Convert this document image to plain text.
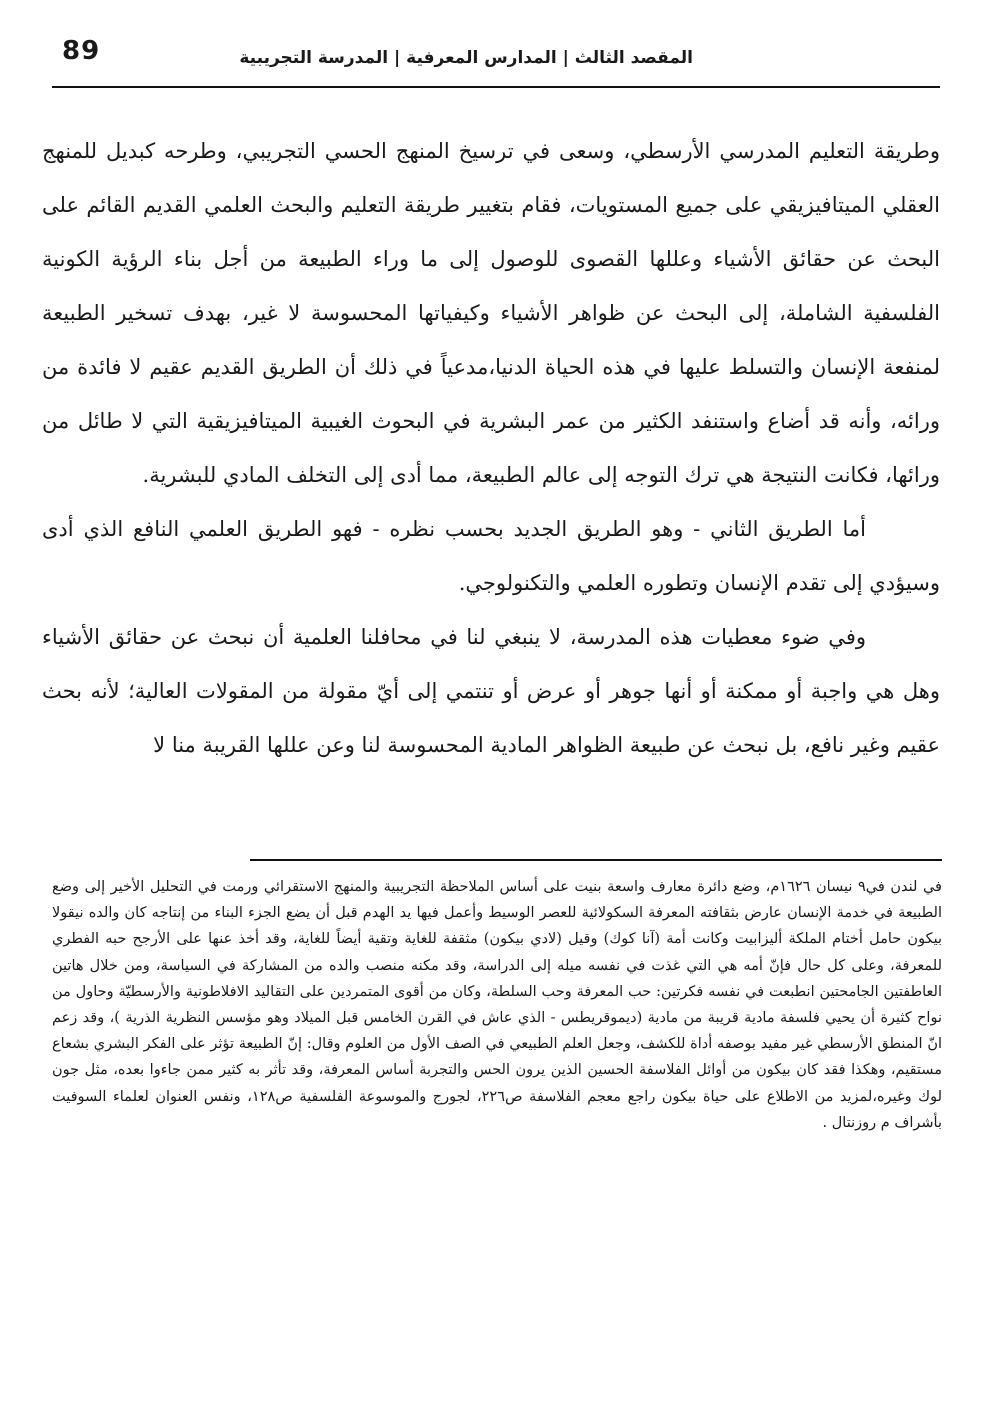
89	المقصد الثالث | المدارس المعرفية | المدرسة التجريبية

وطريقة التعليم المدرسي الأرسطي، وسعى في ترسيخ المنهج الحسي التجريبي، وطرحه كبديل للمنهج العقلي الميتافيزيقي على جميع المستويات، فقام بتغيير طريقة التعليم والبحث العلمي القديم القائم على البحث عن حقائق الأشياء وعللها القصوى للوصول إلى ما وراء الطبيعة من أجل بناء الرؤية الكونية الفلسفية الشاملة، إلى البحث عن ظواهر الأشياء وكيفياتها المحسوسة لا غير، بهدف تسخير الطبيعة لمنفعة الإنسان والتسلط عليها في هذه الحياة الدنيا،مدعياً في ذلك أن الطريق القديم عقيم لا فائدة من ورائه، وأنه قد أضاع واستنفد الكثير من عمر البشرية في البحوث الغيبية الميتافيزيقية التي لا طائل من ورائها، فكانت النتيجة هي ترك التوجه إلى عالم الطبيعة، مما أدى إلى التخلف المادي للبشرية.

أما الطريق الثاني - وهو الطريق الجديد بحسب نظره - فهو الطريق العلمي النافع الذي أدى وسيؤدي إلى تقدم الإنسان وتطوره العلمي والتكنولوجي.

وفي ضوء معطيات هذه المدرسة، لا ينبغي لنا في محافلنا العلمية أن نبحث عن حقائق الأشياء وهل هي واجبة أو ممكنة أو أنها جوهر أو عرض أو تنتمي إلى أيّ مقولة من المقولات العالية؛ لأنه بحث عقيم وغير نافع، بل نبحث عن طبيعة الظواهر المادية المحسوسة لنا وعن عللها القريبة منا لا

في لندن في٩ نيسان ١٦٢٦م، وضع دائرة معارف واسعة بنيت على أساس الملاحظة التجريبية والمنهج الاستقرائي ورمت في التحليل الأخير إلى وضع الطبيعة في خدمة الإنسان عارض بثقافته المعرفة السكولائية للعصر الوسيط وأعمل فيها يد الهدم قبل أن يضع الجزء البناء من إنتاجه كان والده نيقولا بيكون حامل أختام الملكة أليزابيت وكانت أمة (آنا كوك) وقيل (لادي بيكون) مثقفة للغاية وتقية أيضاً للغاية، وقد أخذ عنها على الأرجح حبه الفطري للمعرفة، وعلى كل حال فإنّ أمه هي التي غذت في نفسه ميله إلى الدراسة، وقد مكنه منصب والده من المشاركة في السياسة، ومن خلال هاتين العاطفتين الجامحتين انطبعت في نفسه فكرتين: حب المعرفة وحب السلطة، وكان من أقوى المتمردين على التقاليد الافلاطونية والأرسطيّة وحاول من نواح كثيرة أن يحيي فلسفة مادية قريبة من مادية (ديموقريطس - الذي عاش في القرن الخامس قبل الميلاد وهو مؤسس النظرية الذرية )، وقد زعم انّ المنطق الأرسطي غير مفيد بوصفه أداة للكشف، وجعل العلم الطبيعي في الصف الأول من العلوم وقال: إنّ الطبيعة تؤثر على الفكر البشري بشعاع مستقيم، وهكذا فقد كان بيكون من أوائل الفلاسفة الحسين الذين يرون الحس والتجربة أساس المعرفة، وقد تأثر به كثير ممن جاءوا بعده، مثل جون لوك وغيره،لمزيد من الاطلاع على حياة بيكون راجع معجم الفلاسفة ص٢٢٦، لجورج والموسوعة الفلسفية ص١٢٨، ونفس العنوان لعلماء السوفيت بأشراف م روزنتال .
